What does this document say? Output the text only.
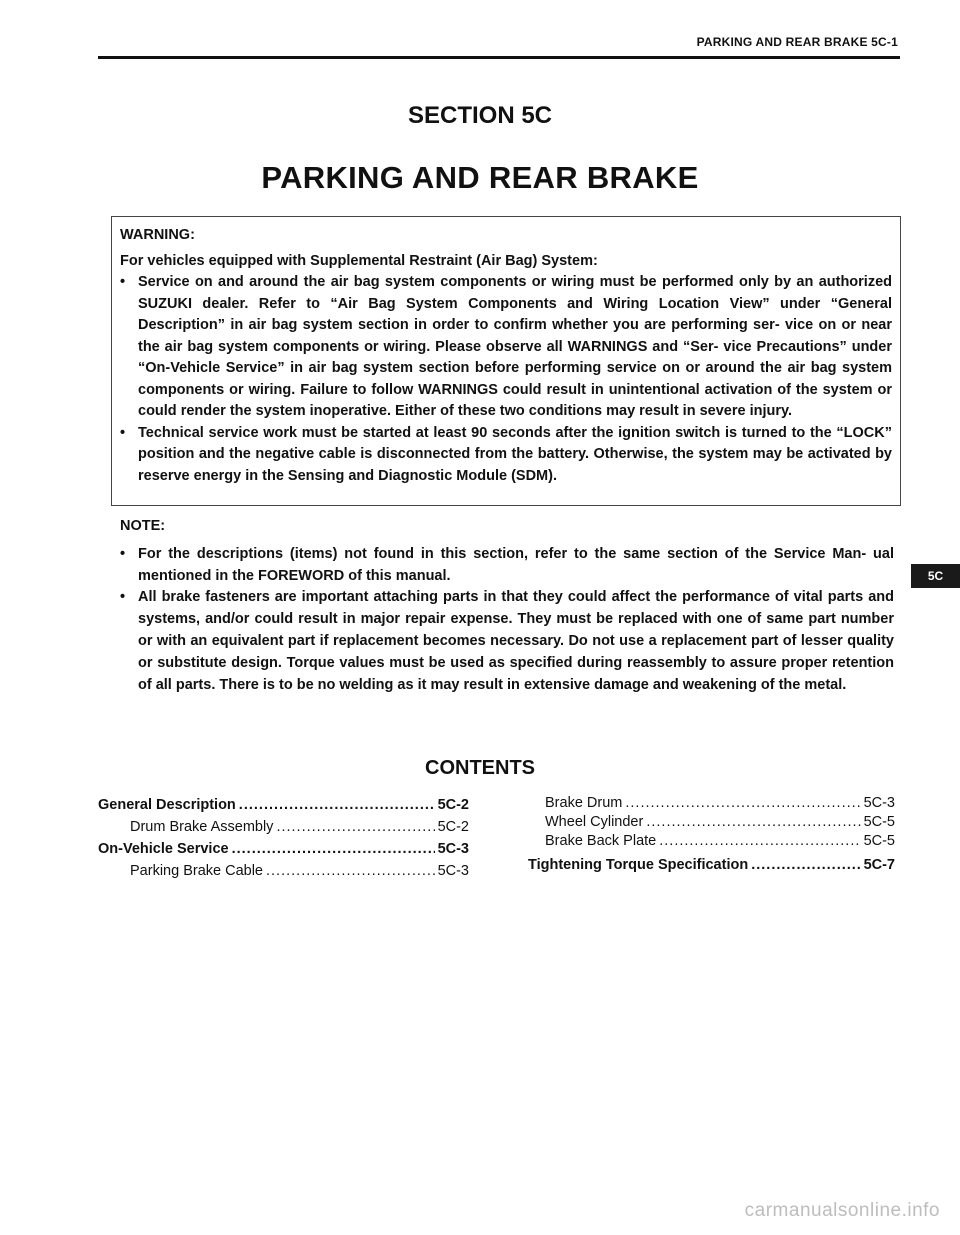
PARKING AND REAR BRAKE 5C-1
SECTION 5C
PARKING AND REAR BRAKE

WARNING:

For vehicles equipped with Supplemental Restraint (Air Bag) System:

• Service on and around the air bag system components or wiring must be performed only by an authorized SUZUKI dealer. Refer to “Air Bag System Components and Wiring Location View” under “General Description” in air bag system section in order to confirm whether you are performing ser- vice on or near the air bag system components or wiring. Please observe all WARNINGS and “Ser- vice Precautions” under “On-Vehicle Service” in air bag system section before performing service on or around the air bag system components or wiring. Failure to follow WARNINGS could result in unintentional activation of the system or could render the system inoperative. Either of these two conditions may result in severe injury.
• Technical service work must be started at least 90 seconds after the ignition switch is turned to the “LOCK” position and the negative cable is disconnected from the battery. Otherwise, the system may be activated by reserve energy in the Sensing and Diagnostic Module (SDM).

NOTE:

• For the descriptions (items) not found in this section, refer to the same section of the Service Man- ual mentioned in the FOREWORD of this manual.
• All brake fasteners are important attaching parts in that they could affect the performance of vital parts and systems, and/or could result in major repair expense. They must be replaced with one of same part number or with an equivalent part if replacement becomes necessary. Do not use a replacement part of lesser quality or substitute design. Torque values must be used as specified during reassembly to assure proper retention of all parts. There is to be no welding as it may result in extensive damage and weakening of the metal.
5C
CONTENTS
General Description .....	5C-2
Drum Brake Assembly .....	5C-2
On-Vehicle Service .....	5C-3
Parking Brake Cable .....	5C-3
Brake Drum .....	5C-3
Wheel Cylinder .....	5C-5
Brake Back Plate .....	5C-5
Tightening Torque Specification .....	5C-7
carmanualsonline.info
